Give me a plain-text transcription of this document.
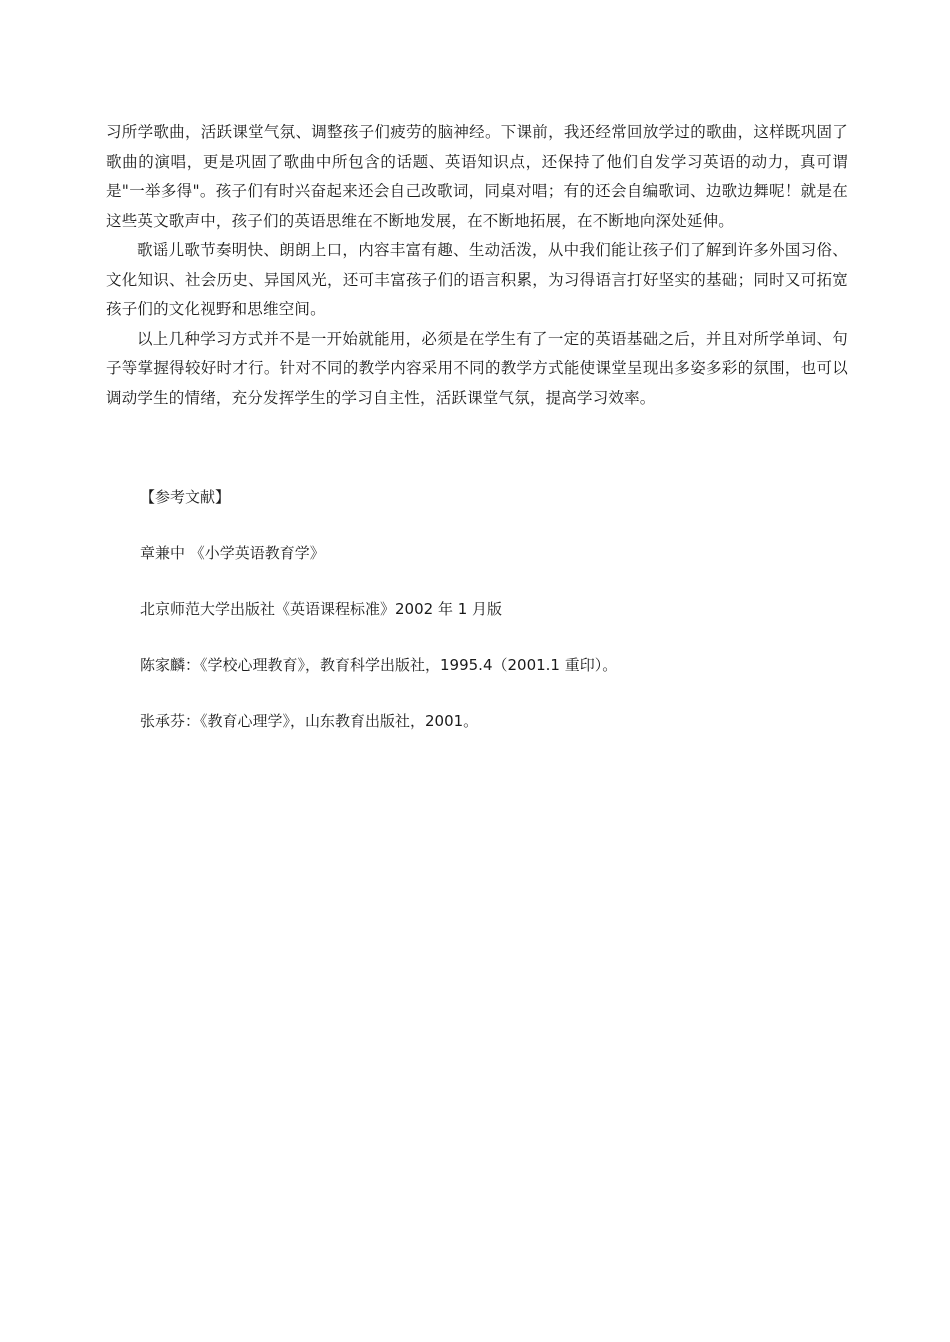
习所学歌曲，活跃课堂气氛、调整孩子们疲劳的脑神经。下课前，我还经常回放学过的歌曲，这样既巩固了歌曲的演唱，更是巩固了歌曲中所包含的话题、英语知识点，还保持了他们自发学习英语的动力，真可谓是"一举多得"。孩子们有时兴奋起来还会自己改歌词，同桌对唱；有的还会自编歌词、边歌边舞呢！就是在这些英文歌声中，孩子们的英语思维在不断地发展，在不断地拓展，在不断地向深处延伸。

歌谣儿歌节奏明快、朗朗上口，内容丰富有趣、生动活泼，从中我们能让孩子们了解到许多外国习俗、文化知识、社会历史、异国风光，还可丰富孩子们的语言积累，为习得语言打好坚实的基础；同时又可拓宽孩子们的文化视野和思维空间。

以上几种学习方式并不是一开始就能用，必须是在学生有了一定的英语基础之后，并且对所学单词、句子等掌握得较好时才行。针对不同的教学内容采用不同的教学方式能使课堂呈现出多姿多彩的氛围，也可以调动学生的情绪，充分发挥学生的学习自主性，活跃课堂气氛，提高学习效率。

【参考文献】

章兼中 《小学英语教育学》

北京师范大学出版社《英语课程标准》2002 年 1 月版

陈家麟：《学校心理教育》，教育科学出版社，1995.4（2001.1 重印）。

张承芬：《教育心理学》，山东教育出版社，2001。
